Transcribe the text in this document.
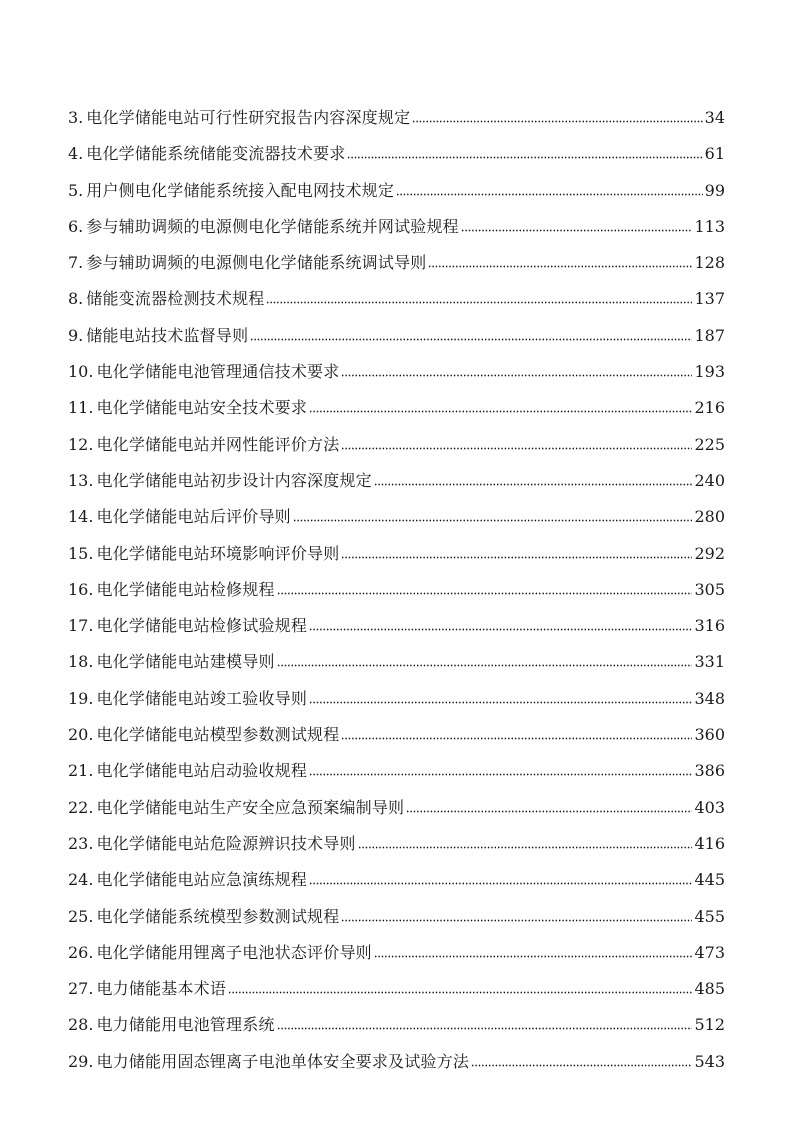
3. 电化学储能电站可行性研究报告内容深度规定	34
4. 电化学储能系统储能变流器技术要求	61
5. 用户侧电化学储能系统接入配电网技术规定	99
6. 参与辅助调频的电源侧电化学储能系统并网试验规程	113
7. 参与辅助调频的电源侧电化学储能系统调试导则	128
8. 储能变流器检测技术规程	137
9. 储能电站技术监督导则	187
10. 电化学储能电池管理通信技术要求	193
11. 电化学储能电站安全技术要求	216
12. 电化学储能电站并网性能评价方法	225
13. 电化学储能电站初步设计内容深度规定	240
14. 电化学储能电站后评价导则	280
15. 电化学储能电站环境影响评价导则	292
16. 电化学储能电站检修规程	305
17. 电化学储能电站检修试验规程	316
18. 电化学储能电站建模导则	331
19. 电化学储能电站竣工验收导则	348
20. 电化学储能电站模型参数测试规程	360
21. 电化学储能电站启动验收规程	386
22. 电化学储能电站生产安全应急预案编制导则	403
23. 电化学储能电站危险源辨识技术导则	416
24. 电化学储能电站应急演练规程	445
25. 电化学储能系统模型参数测试规程	455
26. 电化学储能用锂离子电池状态评价导则	473
27. 电力储能基本术语	485
28. 电力储能用电池管理系统	512
29. 电力储能用固态锂离子电池单体安全要求及试验方法	543
